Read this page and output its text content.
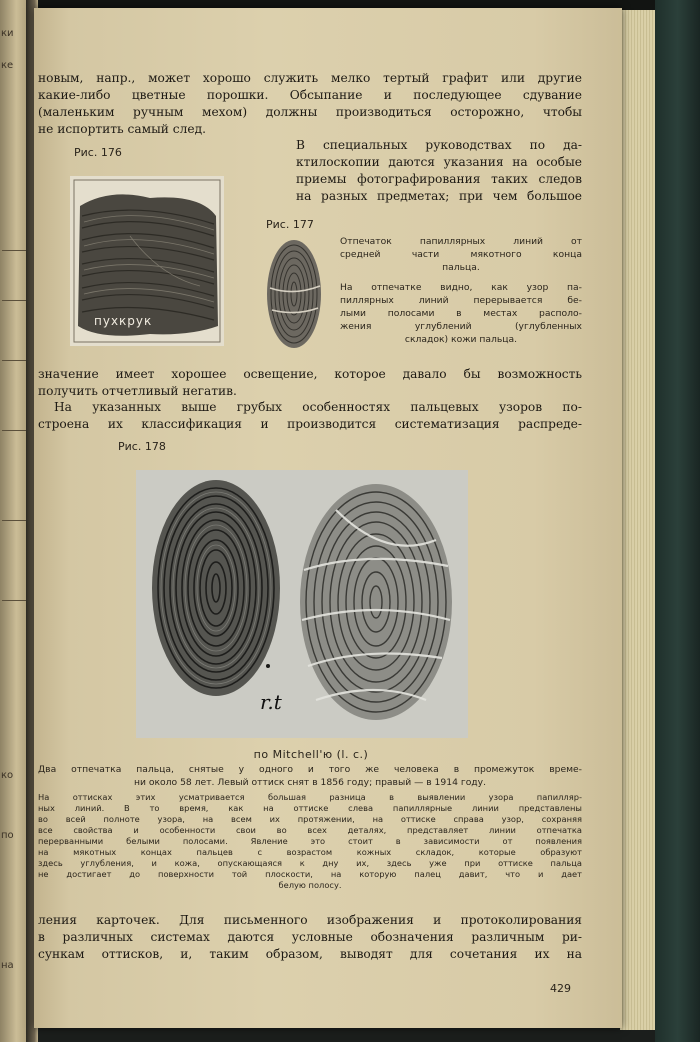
ки
ке
ко
по
на
новым, напр., может хорошо служить мелко тертый графит или другие
какие-либо цветные порошки. Обсыпание и последующее сдувание
(маленьким ручным мехом) должны производиться осторожно, чтобы
не испортить самый след.
Рис. 176
пухкрук
В специальных руководствах по да-
ктилоскопии даются указания на особые
приемы фотографирования таких следов
на разных предметах; при чем большое
Рис. 177
Отпечаток папиллярных линий от
средней части мякотного конца
пальца.
На отпечатке видно, как узор па-
пиллярных линий перерывается бе-
лыми полосами в местах располо-
жения углублений (углубленных
складок) кожи пальца.
значение имеет хорошее освещение, которое давало бы возможность
получить отчетливый негатив.
На указанных выше грубых особенностях пальцевых узоров по-
строена их классификация и производится систематизация распреде-
Рис. 178
r.t
по Mitchell'ю (l. c.)
Два отпечатка пальца, снятые у одного и того же человека в промежуток време-
ни около 58 лет. Левый оттиск снят в 1856 году; правый — в 1914 году.
На оттисках этих усматривается большая разница в выявлении узора папилляр-
ных линий. В то время, как на оттиске слева папиллярные линии представлены
во всей полноте узора, на всем их протяжении, на оттиске справа узор, сохраняя
все свойства и особенности свои во всех деталях, представляет линии отпечатка
перерванными белыми полосами. Явление это стоит в зависимости от появления
на мякотных концах пальцев с возрастом кожных складок, которые образуют
здесь углубления, и кожа, опускающаяся к дну их, здесь уже при оттиске пальца
не достигает до поверхности той плоскости, на которую палец давит, что и дает
белую полосу.
ления карточек. Для письменного изображения и протоколирования
в различных системах даются условные обозначения различным ри-
сункам оттисков, и, таким образом, выводят для сочетания их на
429
